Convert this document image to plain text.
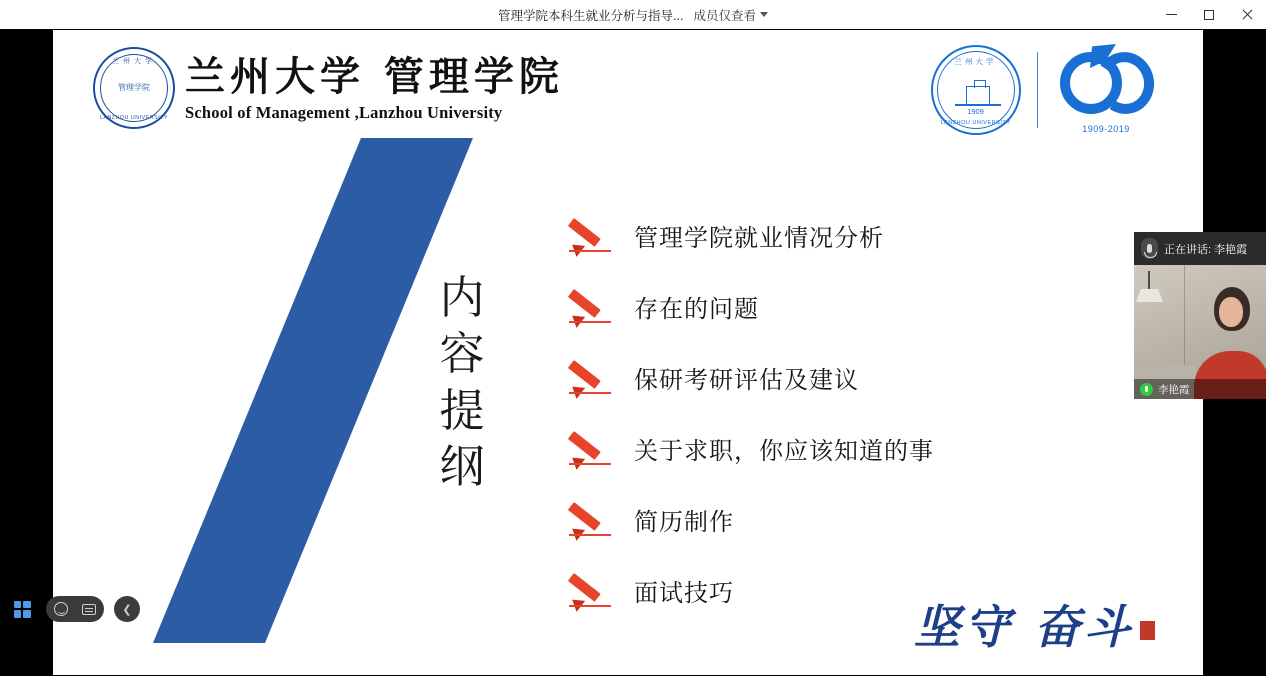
管理学院本科生就业分析与指导... 成员仅查看
兰州大学
管理学院
LANZHOU UNIVERSITY
兰州大学 管理学院
School of Management ,Lanzhou University
兰州大学
1909
LANZHOU UNIVERSITY
1909-2019
内
容
提
纲
管理学院就业情况分析
存在的问题
保研考研评估及建议
关于求职，你应该知道的事
简历制作
面试技巧
坚守 奋斗
正在讲话: 李艳霞
李艳霞
❮
